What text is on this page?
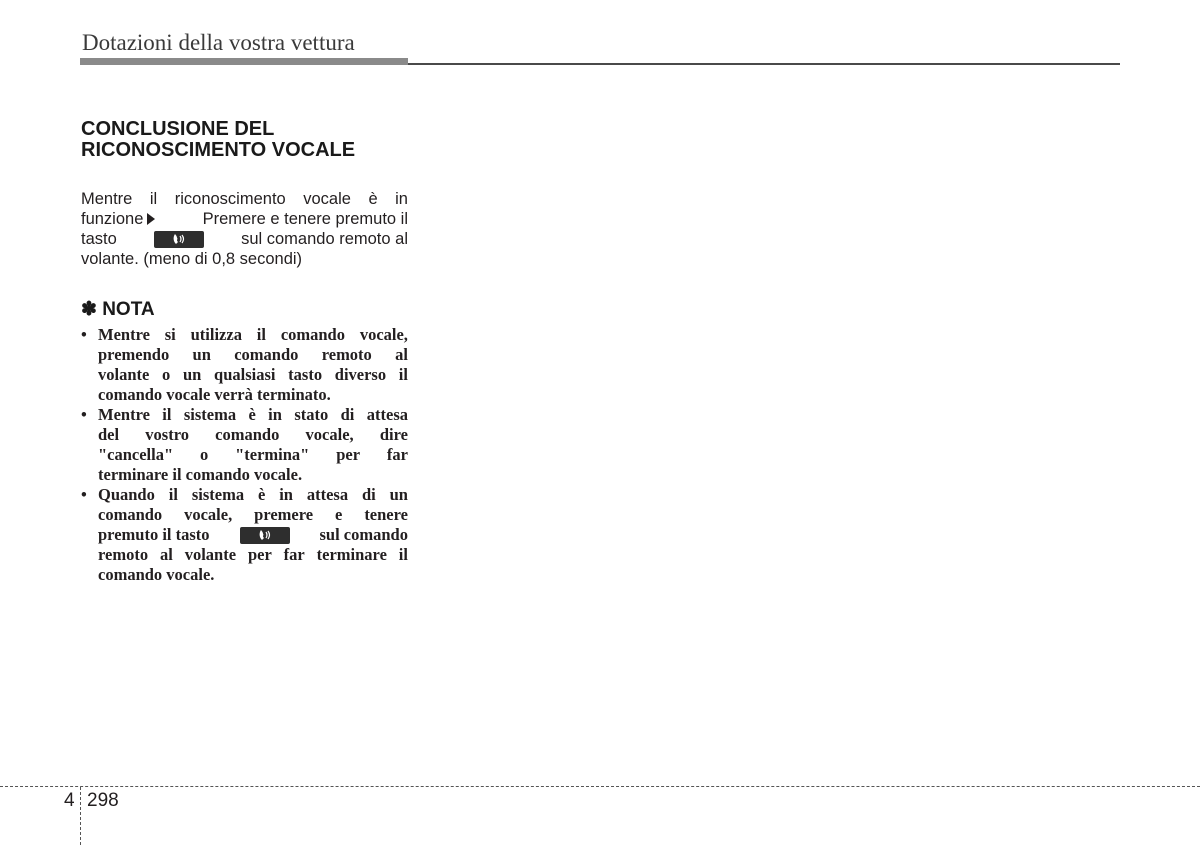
Dotazioni della vostra vettura
CONCLUSIONE DEL
RICONOSCIMENTO VOCALE
Mentre il riconoscimento vocale è in
funzione	Premere e tenere premuto il
tasto	sul comando remoto al
volante. (meno di 0,8 secondi)
✽ NOTA
• Mentre si utilizza il comando vocale,
premendo un comando remoto al
volante o un qualsiasi tasto diverso il
comando vocale verrà terminato.
• Mentre il sistema è in stato di attesa
del vostro comando vocale, dire
"cancella" o "termina" per far
terminare il comando vocale.
• Quando il sistema è in attesa di un
comando vocale, premere e tenere
premuto il tasto	sul comando
remoto al volante per far terminare il
comando vocale.
4 298
